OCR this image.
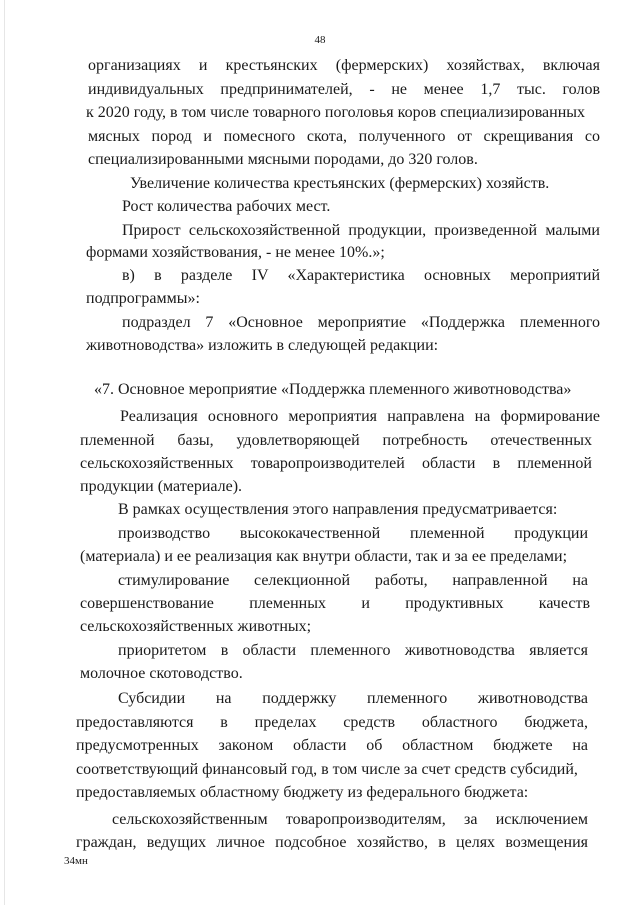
48
организациях и крестьянских (фермерских) хозяйствах, включая
индивидуальных предпринимателей, - не менее 1,7 тыс. голов
к 2020 году, в том числе товарного поголовья коров специализированных
мясных пород и помесного скота, полученного от скрещивания со
специализированными мясными породами, до 320 голов.
Увеличение количества крестьянских (фермерских) хозяйств.
Рост количества рабочих мест.
Прирост сельскохозяйственной продукции, произведенной малыми
формами хозяйствования, - не менее 10%.»;
в) в разделе IV «Характеристика основных мероприятий
подпрограммы»:
подраздел 7 «Основное мероприятие «Поддержка племенного
животноводства» изложить в следующей редакции:
«7. Основное мероприятие «Поддержка племенного животноводства»
Реализация основного мероприятия направлена на формирование
племенной базы, удовлетворяющей потребность отечественных
сельскохозяйственных товаропроизводителей области в племенной
продукции (материале).
В рамках осуществления этого направления предусматривается:
производство высококачественной племенной продукции
(материала) и ее реализация как внутри области, так и за ее пределами;
стимулирование селекционной работы, направленной на
совершенствование племенных и продуктивных качеств
сельскохозяйственных животных;
приоритетом в области племенного животноводства является
молочное скотоводство.
Субсидии на поддержку племенного животноводства
предоставляются в пределах средств областного бюджета,
предусмотренных законом области об областном бюджете на
соответствующий финансовый год, в том числе за счет средств субсидий,
предоставляемых областному бюджету из федерального бюджета:
сельскохозяйственным товаропроизводителям, за исключением
граждан, ведущих личное подсобное хозяйство, в целях возмещения
34мн
